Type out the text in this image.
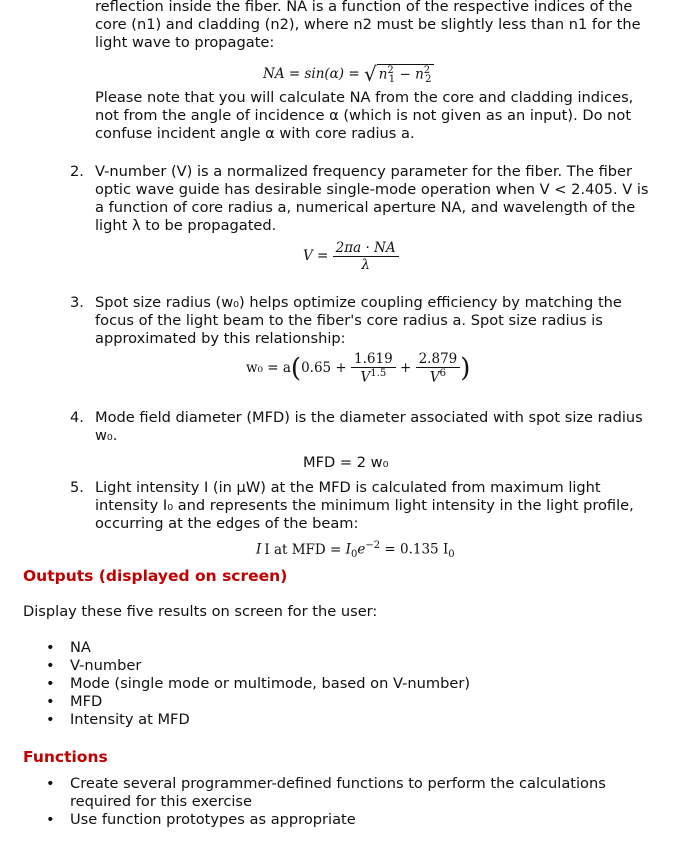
reflection inside the fiber. NA is a function of the respective indices of the core (n1) and cladding (n2), where n2 must be slightly less than n1 for the light wave to propagate:

NA = sin(α) = √ $n^2_1 - n^2_2$

Please note that you will calculate NA from the core and cladding indices, not from the angle of incidence α (which is not given as an input). Do not confuse incident angle α with core radius a.

2. V-number (V) is a normalized frequency parameter for the fiber. The fiber optic wave guide has desirable single-mode operation when V < 2.405. V is a function of core radius a, numerical aperture NA, and wavelength of the light λ to be propagated.

$V = \frac{2\pi a \cdot NA}{\lambda}$
3. Spot size radius (w₀) helps optimize coupling efficiency by matching the focus of the light beam to the fiber's core radius a. Spot size radius is approximated by this relationship:

$w_0 = a(0.65 + \frac{1.619}{V^{1.5}} + \frac{2.879}{V^6}$ )
4. Mode field diameter (MFD) is the diameter associated with spot size radius w₀.

MFD = 2 w₀
5. Light intensity I (in μW) at the MFD is calculated from maximum light intensity I₀ and represents the minimum light intensity in the light profile, occurring at the edges of the beam:

I I at MFD = $I_0e^{-2} = 0.135$ $I_0$
Outputs (displayed on screen)
Display these five results on screen for the user:
• NA
• V-number
• Mode (single mode or multimode, based on V-number)
• MFD
• Intensity at MFD
Functions
• Create several programmer-defined functions to perform the calculations required for this exercise
• Use function prototypes as appropriate
